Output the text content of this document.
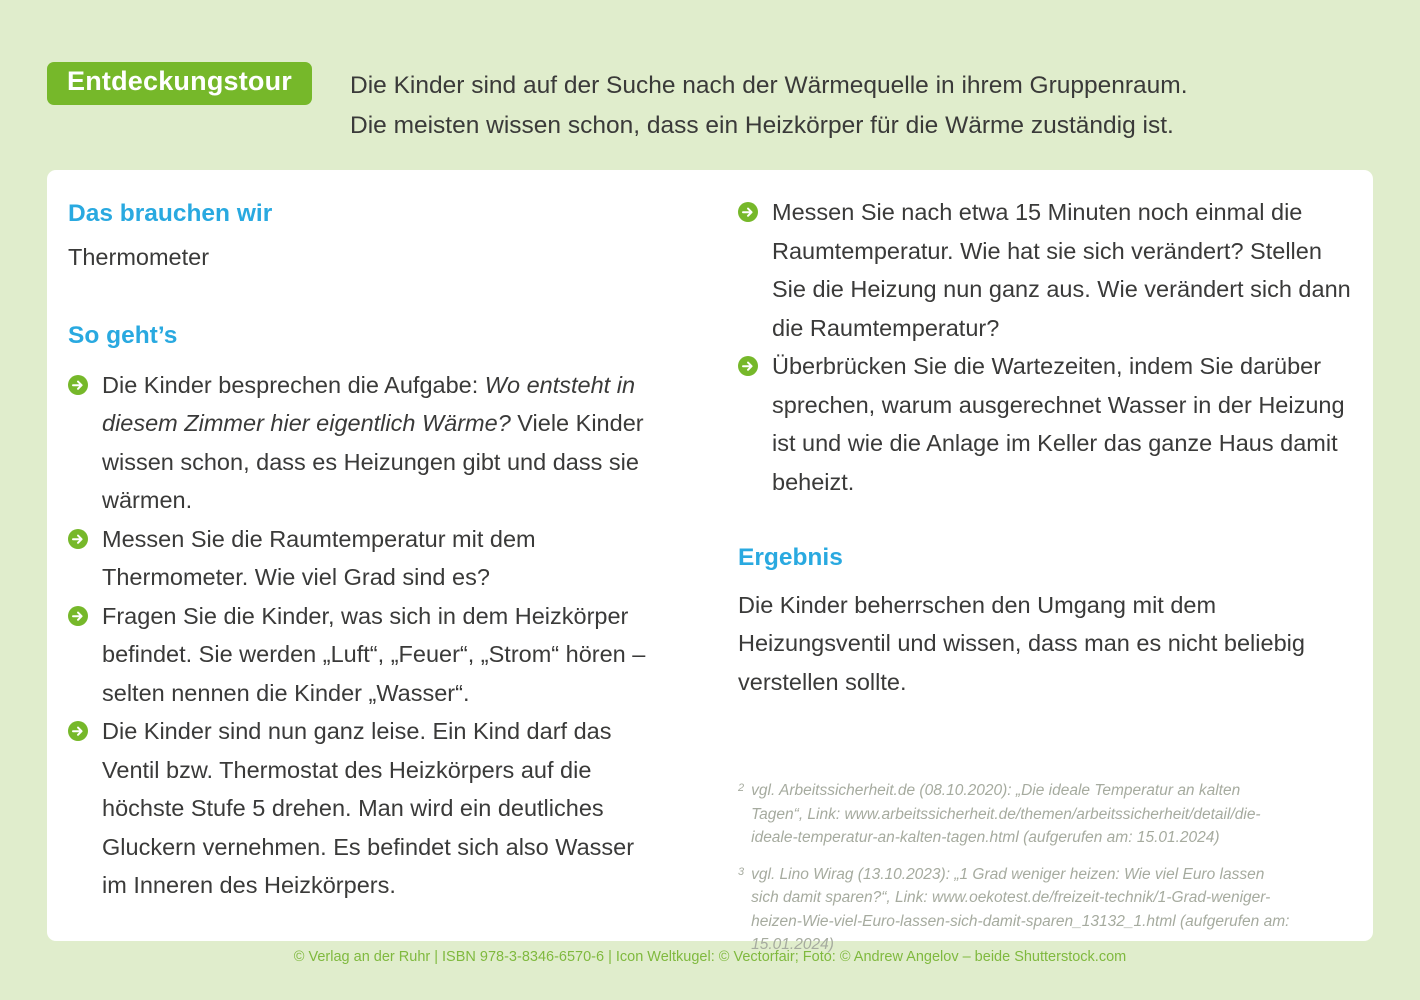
Entdeckungstour	Die Kinder sind auf der Suche nach der Wärmequelle in ihrem Gruppenraum.
Die meisten wissen schon, dass ein Heizkörper für die Wärme zuständig ist.
Das brauchen wir
Thermometer
So geht’s

Die Kinder besprechen die Aufgabe: Wo entsteht in diesem Zimmer hier eigentlich Wärme? Viele Kinder wissen schon, dass es Heizungen gibt und dass sie wärmen.

Messen Sie die Raumtemperatur mit dem Thermometer. Wie viel Grad sind es?

Fragen Sie die Kinder, was sich in dem Heizkörper befindet. Sie werden „Luft“, „Feuer“, „Strom“ hören – selten nennen die Kinder „Wasser“.

Die Kinder sind nun ganz leise. Ein Kind darf das Ventil bzw. Thermostat des Heizkörpers auf die höchste Stufe 5 drehen. Man wird ein deutliches Gluckern vernehmen. Es befindet sich also Wasser im Inneren des Heizkörpers.

Messen Sie nach etwa 15 Minuten noch einmal die Raumtemperatur. Wie hat sie sich verändert? Stellen Sie die Heizung nun ganz aus. Wie verändert sich dann die Raumtemperatur?

Überbrücken Sie die Wartezeiten, indem Sie darüber sprechen, warum ausgerechnet Wasser in der Heizung ist und wie die Anlage im Keller das ganze Haus damit beheizt.

Ergebnis
Die Kinder beherrschen den Umgang mit dem Heizungsventil und wissen, dass man es nicht beliebig verstellen sollte.
2 vgl. Arbeitssicherheit.de (08.10.2020): „Die ideale Temperatur an kalten Tagen“, Link: www.arbeitssicherheit.de/themen/arbeitssicherheit/detail/die-ideale-temperatur-an-kalten-tagen.html (aufgerufen am: 15.01.2024)
3 vgl. Lino Wirag (13.10.2023): „1 Grad weniger heizen: Wie viel Euro lassen sich damit sparen?“, Link: www.oekotest.de/freizeit-technik/1-Grad-weniger-heizen-Wie-viel-Euro-lassen-sich-damit-sparen_13132_1.html (aufgerufen am: 15.01.2024)
© Verlag an der Ruhr | ISBN 978-3-8346-6570-6 | Icon Weltkugel: © Vectorfair; Foto: © Andrew Angelov – beide Shutterstock.com
